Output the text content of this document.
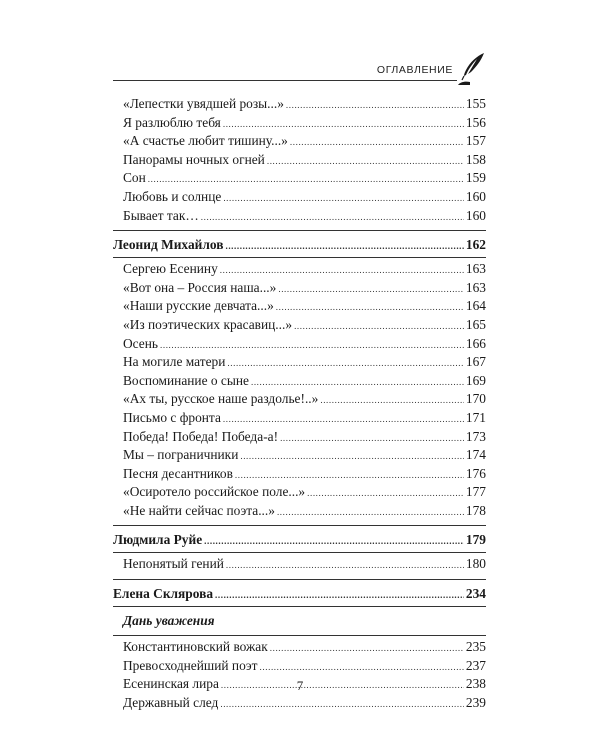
ОГЛАВЛЕНИЕ
«Лепестки увядшей розы...» .....	155
Я разлюблю тебя .....	156
«А счастье любит тишину...» .....	157
Панорамы ночных огней .....	158
Сон .....	159
Любовь и солнце .....	160
Бывает так… .....	160
Леонид Михайлов .....	162
Сергею Есенину .....	163
«Вот она – Россия наша...» .....	163
«Наши русские девчата...» .....	164
«Из поэтических красавиц...» .....	165
Осень .....	166
На могиле матери .....	167
Воспоминание о сыне .....	169
«Ах ты, русское наше раздолье!..» .....	170
Письмо с фронта .....	171
Победа! Победа! Победа-а! .....	173
Мы – пограничники .....	174
Песня десантников .....	176
«Осиротело российское поле...» .....	177
«Не найти сейчас поэта...» .....	178
Людмила Руйе .....	179
Непонятый гений .....	180
Елена Склярова .....	234
Дань уважения
Константиновский вожак .....	235
Превосходнейший поэт .....	237
Есенинская лира .....	238
Державный след .....	239
7
